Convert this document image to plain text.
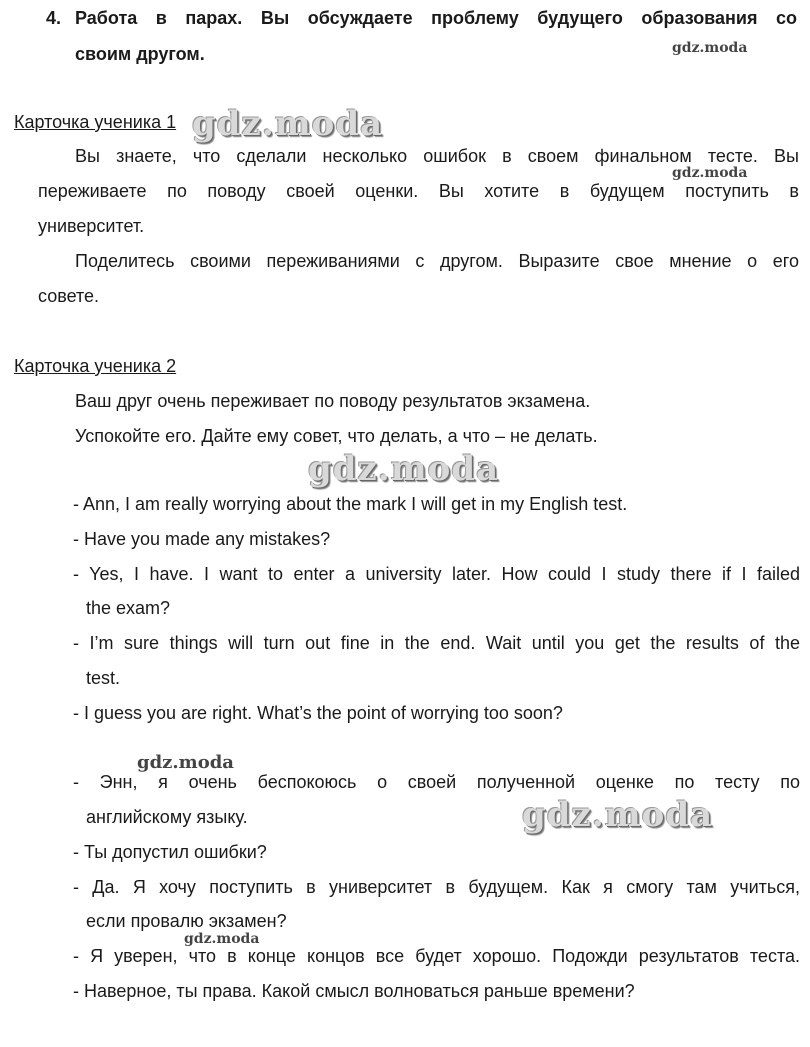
4. Работа в парах. Вы обсуждаете проблему будущего образования со
своим другом.
Карточка ученика 1
Вы знаете, что сделали несколько ошибок в своем финальном тесте. Вы
переживаете по поводу своей оценки. Вы хотите в будущем поступить в
университет.
Поделитесь своими переживаниями с другом. Выразите свое мнение о его
совете.
Карточка ученика 2
Ваш друг очень переживает по поводу результатов экзамена.
Успокойте его. Дайте ему совет, что делать, а что – не делать.
- Ann, I am really worrying about the mark I will get in my English test.
- Have you made any mistakes?
- Yes, I have. I want to enter a university later. How could I study there if I failed
the exam?
- I’m sure things will turn out fine in the end. Wait until you get the results of the
test.
- I guess you are right. What’s the point of worrying too soon?
- Энн, я очень беспокоюсь о своей полученной оценке по тесту по
английскому языку.
- Ты допустил ошибки?
- Да. Я хочу поступить в университет в будущем. Как я смогу там учиться,
если провалю экзамен?
- Я уверен, что в конце концов все будет хорошо. Подожди результатов теста.
- Наверное, ты права. Какой смысл волноваться раньше времени?
gdz.moda
gdz.moda
gdz.moda
gdz.moda
gdz.moda
gdz.moda
gdz.moda
